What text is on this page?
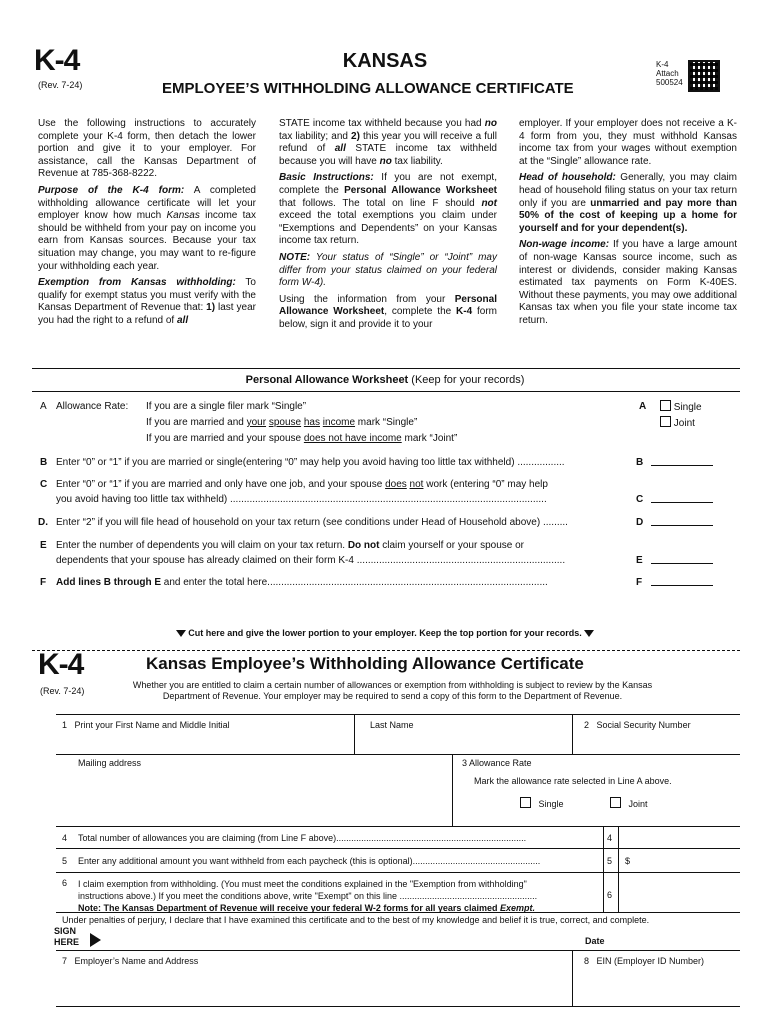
K-4
(Rev. 7-24)
KANSAS
EMPLOYEE’S WITHHOLDING ALLOWANCE CERTIFICATE
K-4
Attach
500524

Use the following instructions to accurately complete your K-4 form, then detach the lower portion and give it to your employer. For assistance, call the Kansas Department of Revenue at 785-368-8222.

Purpose of the K-4 form: A completed withholding allowance certificate will let your employer know how much Kansas income tax should be withheld from your pay on income you earn from Kansas sources. Because your tax situation may change, you may want to re-figure your withholding each year.

Exemption from Kansas withholding: To qualify for exempt status you must verify with the Kansas Department of Revenue that: 1) last year you had the right to a refund of all

STATE income tax withheld because you had no tax liability; and 2) this year you will receive a full refund of all STATE income tax withheld because you will have no tax liability.

Basic Instructions: If you are not exempt, complete the Personal Allowance Worksheet that follows. The total on line F should not exceed the total exemptions you claim under “Exemptions and Dependents” on your Kansas income tax return.

NOTE: Your status of “Single” or “Joint” may differ from your status claimed on your federal form W-4).

Using the information from your Personal Allowance Worksheet, complete the K-4 form below, sign it and provide it to your

employer. If your employer does not receive a K-4 form from you, they must withhold Kansas income tax from your wages without exemption at the “Single” allowance rate.

Head of household: Generally, you may claim head of household filing status on your tax return only if you are unmarried and pay more than 50% of the cost of keeping up a home for yourself and for your dependent(s).

Non-wage income: If you have a large amount of non-wage Kansas source income, such as interest or dividends, consider making Kansas estimated tax payments on Form K-40ES. Without these payments, you may owe additional Kansas tax when you file your state income tax return.

Personal Allowance Worksheet (Keep for your records)
A Allowance Rate: If you are a single filer mark “Single”
If you are married and your spouse has income mark “Single”
If you are married and your spouse does not have income mark “Joint”
A	Single
Joint
B Enter “0” or “1” if you are married or single(entering “0” may help you avoid having too little tax withheld) .................	B
C Enter “0” or “1” if you are married and only have one job, and your spouse does not work (entering “0” may help
you avoid having too little tax withheld) ..................................................................................................................	C
D. Enter “2” if you will file head of household on your tax return (see conditions under Head of Household above) .........	D
E Enter the number of dependents you will claim on your tax return. Do not claim yourself or your spouse or
dependents that your spouse has already claimed on their form K-4 ...........................................................................	E
F Add lines B through E and enter the total here.....................................................................................................	F
Cut here and give the lower portion to your employer. Keep the top portion for your records.
K-4
(Rev. 7-24)
Kansas Employee’s Withholding Allowance Certificate
Whether you are entitled to claim a certain number of allowances or exemption from withholding is subject to review by the Kansas Department of Revenue. Your employer may be required to send a copy of this form to the Department of Revenue.
1 Print your First Name and Middle Initial	Last Name	2 Social Security Number
Mailing address	3 Allowance Rate
Mark the allowance rate selected in Line A above.
Single	Joint
4 Total number of allowances you are claiming (from Line F above)............................................................................	4
5 Enter any additional amount you want withheld from each paycheck (this is optional)...................................................	5 $
6 I claim exemption from withholding. (You must meet the conditions explained in the "Exemption from withholding"
instructions above.) If you meet the conditions above, write "Exempt" on this line .......................................................
Note: The Kansas Department of Revenue will receive your federal W-2 forms for all years claimed Exempt.
6
Under penalties of perjury, I declare that I have examined this certificate and to the best of my knowledge and belief it is true, correct, and complete.
SIGN HERE	Date
7 Employer’s Name and Address	8 EIN (Employer ID Number)
